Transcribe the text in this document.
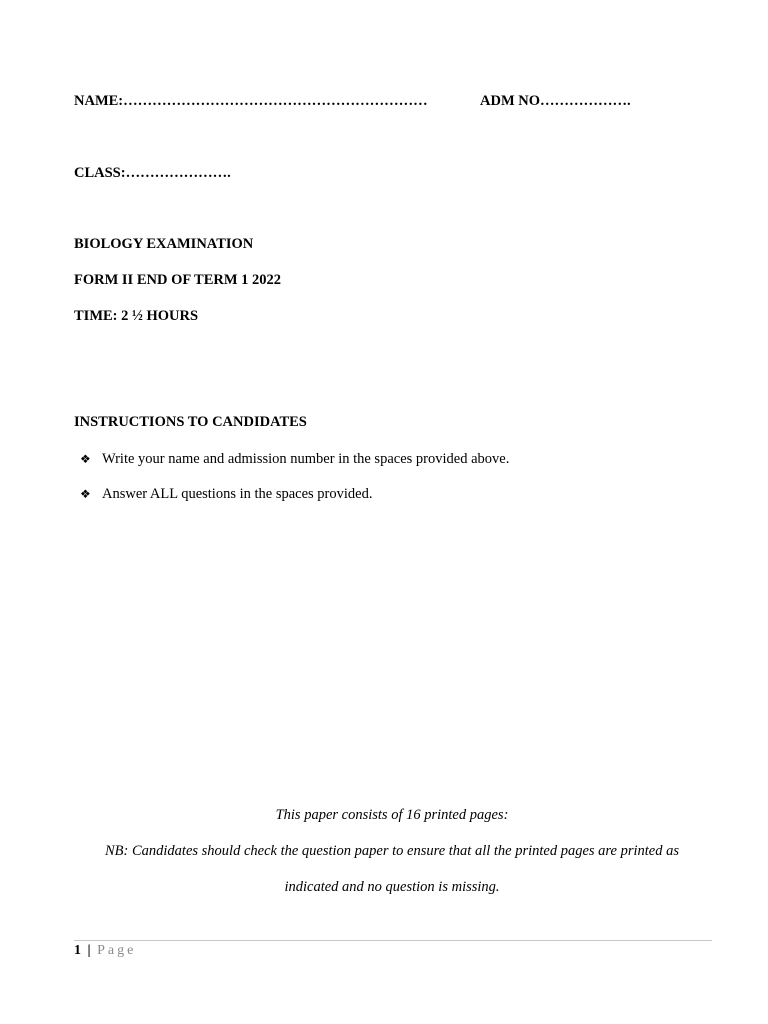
NAME:………………………………………………………	ADM NO……………….
CLASS:………………….
BIOLOGY EXAMINATION
FORM II END OF TERM 1 2022
TIME: 2 ½ HOURS
INSTRUCTIONS TO CANDIDATES
❖ Write your name and admission number in the spaces provided above.
❖ Answer ALL questions in the spaces provided.
This paper consists of 16 printed pages:
NB: Candidates should check the question paper to ensure that all the printed pages are printed as
indicated and no question is missing.
1 | Page
